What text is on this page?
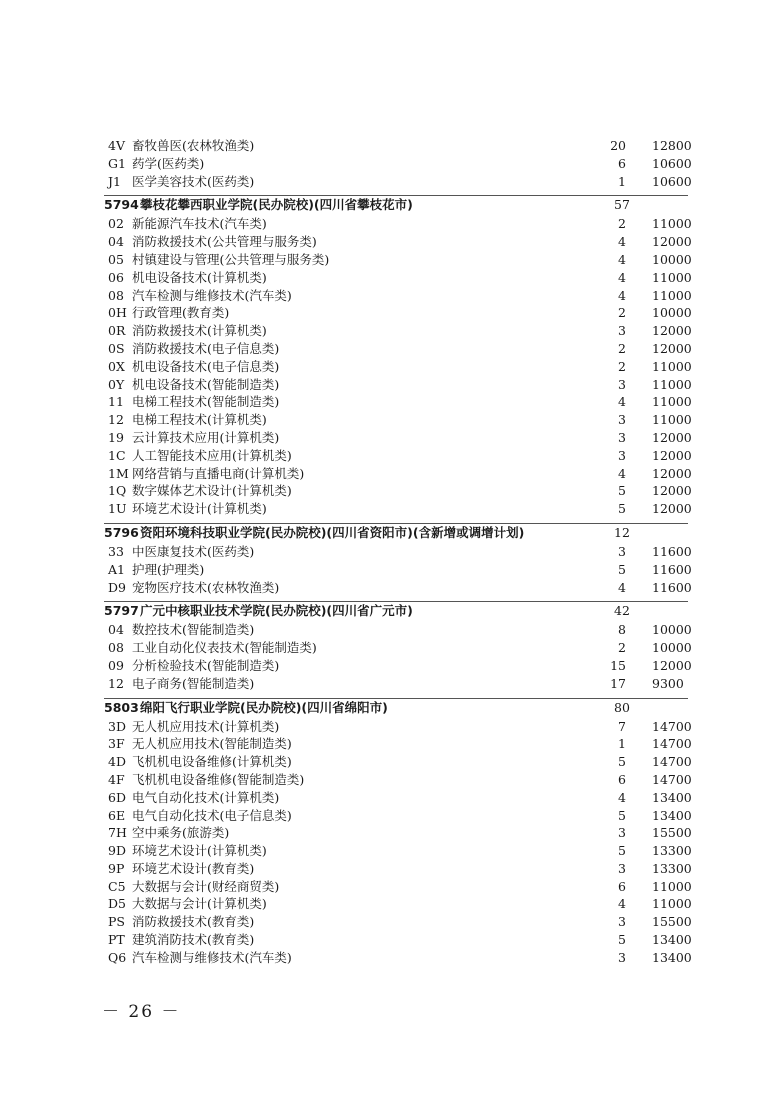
4V 畜牧兽医(农林牧渔类)	20 12800
G1 药学(医药类)	6 10600
J1 医学美容技术(医药类)	1 10600
5794 攀枝花攀西职业学院(民办院校)(四川省攀枝花市)	57
02 新能源汽车技术(汽车类)	2 11000
04 消防救援技术(公共管理与服务类)	4 12000
05 村镇建设与管理(公共管理与服务类)	4 10000
06 机电设备技术(计算机类)	4 11000
08 汽车检测与维修技术(汽车类)	4 11000
0H 行政管理(教育类)	2 10000
0R 消防救援技术(计算机类)	3 12000
0S 消防救援技术(电子信息类)	2 12000
0X 机电设备技术(电子信息类)	2 11000
0Y 机电设备技术(智能制造类)	3 11000
11 电梯工程技术(智能制造类)	4 11000
12 电梯工程技术(计算机类)	3 11000
19 云计算技术应用(计算机类)	3 12000
1C 人工智能技术应用(计算机类)	3 12000
1M 网络营销与直播电商(计算机类)	4 12000
1Q 数字媒体艺术设计(计算机类)	5 12000
1U 环境艺术设计(计算机类)	5 12000
5796 资阳环境科技职业学院(民办院校)(四川省资阳市)(含新增或调增计划)	12
33 中医康复技术(医药类)	3 11600
A1 护理(护理类)	5 11600
D9 宠物医疗技术(农林牧渔类)	4 11600
5797 广元中核职业技术学院(民办院校)(四川省广元市)	42
04 数控技术(智能制造类)	8 10000
08 工业自动化仪表技术(智能制造类)	2 10000
09 分析检验技术(智能制造类)	15 12000
12 电子商务(智能制造类)	17 9300
5803 绵阳飞行职业学院(民办院校)(四川省绵阳市)	80
3D 无人机应用技术(计算机类)	7 14700
3F 无人机应用技术(智能制造类)	1 14700
4D 飞机机电设备维修(计算机类)	5 14700
4F 飞机机电设备维修(智能制造类)	6 14700
6D 电气自动化技术(计算机类)	4 13400
6E 电气自动化技术(电子信息类)	5 13400
7H 空中乘务(旅游类)	3 15500
9D 环境艺术设计(计算机类)	5 13300
9P 环境艺术设计(教育类)	3 13300
C5 大数据与会计(财经商贸类)	6 11000
D5 大数据与会计(计算机类)	4 11000
PS 消防救援技术(教育类)	3 15500
PT 建筑消防技术(教育类)	5 13400
Q6 汽车检测与维修技术(汽车类)	3 13400
－ 26 －
